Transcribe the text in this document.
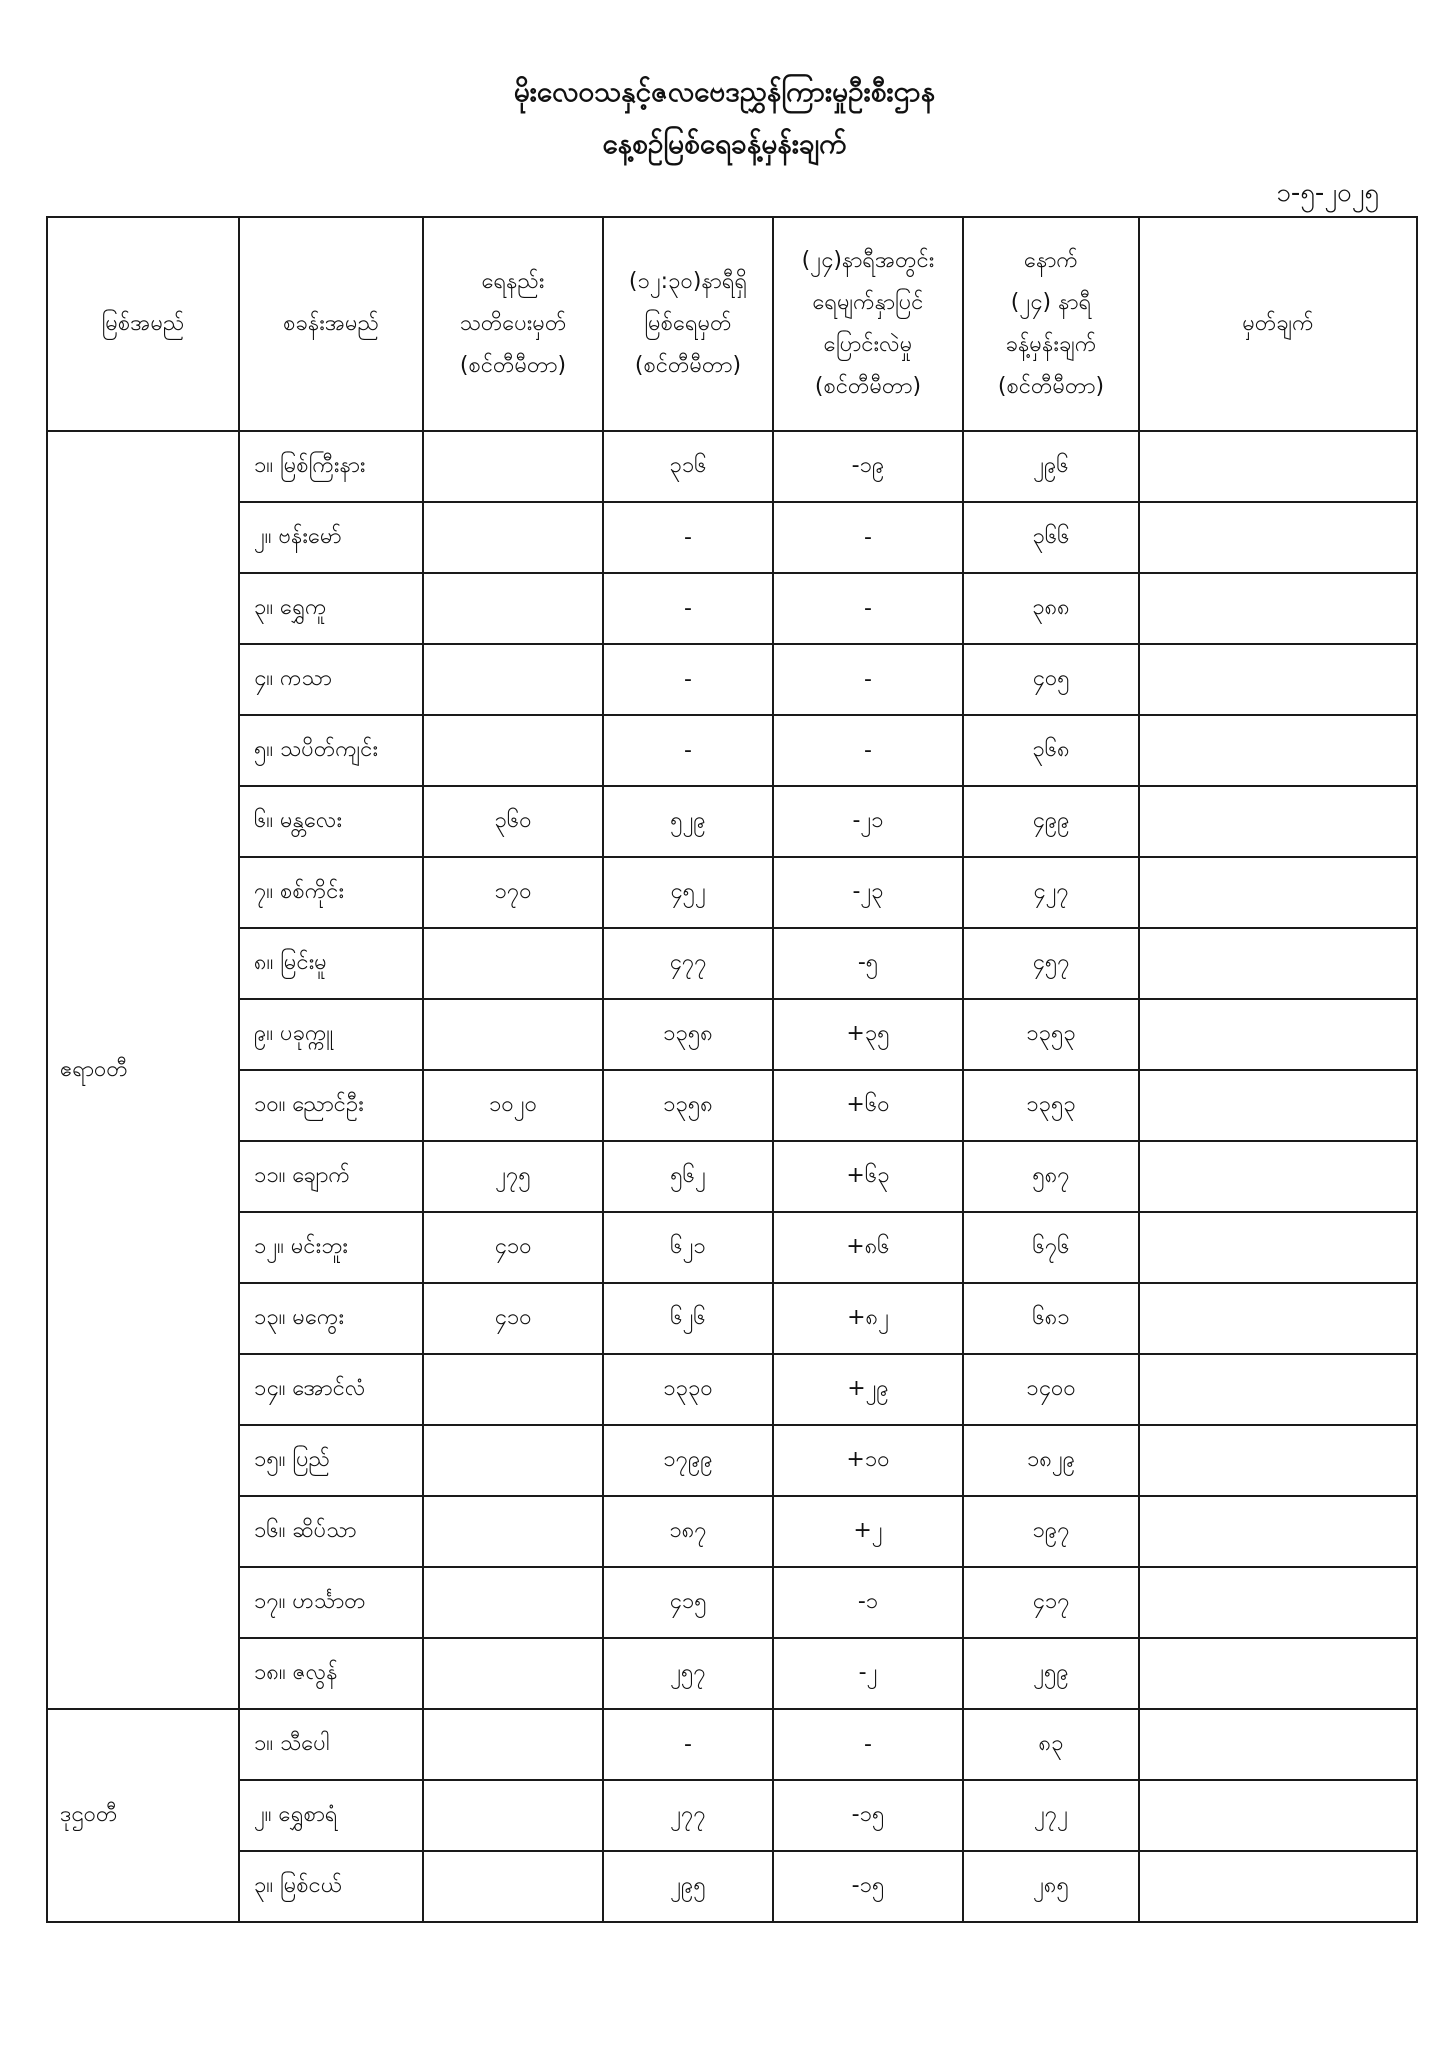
မိုးလေဝသနှင့်ဇလဗေဒညွှန်ကြားမှုဦးစီးဌာန
နေ့စဉ်မြစ်ရေခန့်မှန်းချက်
၁-၅-၂၀၂၅
မြစ်အမည်	စခန်းအမည်	ရေနည်း
သတိပေးမှတ်
(စင်တီမီတာ)	(၁၂:၃၀)နာရီရှိ
မြစ်ရေမှတ်
(စင်တီမီတာ)	(၂၄)နာရီအတွင်း
ရေမျက်နှာပြင်
ပြောင်းလဲမှု
(စင်တီမီတာ)	နောက်
(၂၄) နာရီ
ခန့်မှန်းချက်
(စင်တီမီတာ)	မှတ်ချက်
ဧရာဝတီ	၁။ မြစ်ကြီးနား		၃၁၆	-၁၉	၂၉၆	
	၂။ ဗန်းမော်		-	-	၃၆၆	
	၃။ ရွှေကူ		-	-	၃၈၈	
	၄။ ကသာ		-	-	၄၀၅	
	၅။ သပိတ်ကျင်း		-	-	၃၆၈	
	၆။ မန္တလေး	၃၆၀	၅၂၉	-၂၁	၄၉၉	
	၇။ စစ်ကိုင်း	၁၇၀	၄၅၂	-၂၃	၄၂၇	
	၈။ မြင်းမူ		၄၇၇	-၅	၄၅၇	
	၉။ ပခုက္ကူ		၁၃၅၈	+၃၅	၁၃၅၃	
	၁၀။ ညောင်ဦး	၁၀၂၀	၁၃၅၈	+၆၀	၁၃၅၃	
	၁၁။ ချောက်	၂၇၅	၅၆၂	+၆၃	၅၈၇	
	၁၂။ မင်းဘူး	၄၁၀	၆၂၁	+၈၆	၆၇၆	
	၁၃။ မကွေး	၄၁၀	၆၂၆	+၈၂	၆၈၁	
	၁၄။ အောင်လံ		၁၃၃၀	+၂၉	၁၄၀၀	
	၁၅။ ပြည်		၁၇၉၉	+၁၀	၁၈၂၉	
	၁၆။ ဆိပ်သာ		၁၈၇	+၂	၁၉၇	
	၁၇။ ဟင်္သာတ		၄၁၅	-၁	၄၁၇	
	၁၈။ ဇလွန်		၂၅၇	-၂	၂၅၉	
ဒုဌဝတီ	၁။ သီပေါ		-	-	၈၃	
	၂။ ရွှေစာရံ		၂၇၇	-၁၅	၂၇၂	
	၃။ မြစ်ငယ်		၂၉၅	-၁၅	၂၈၅	
